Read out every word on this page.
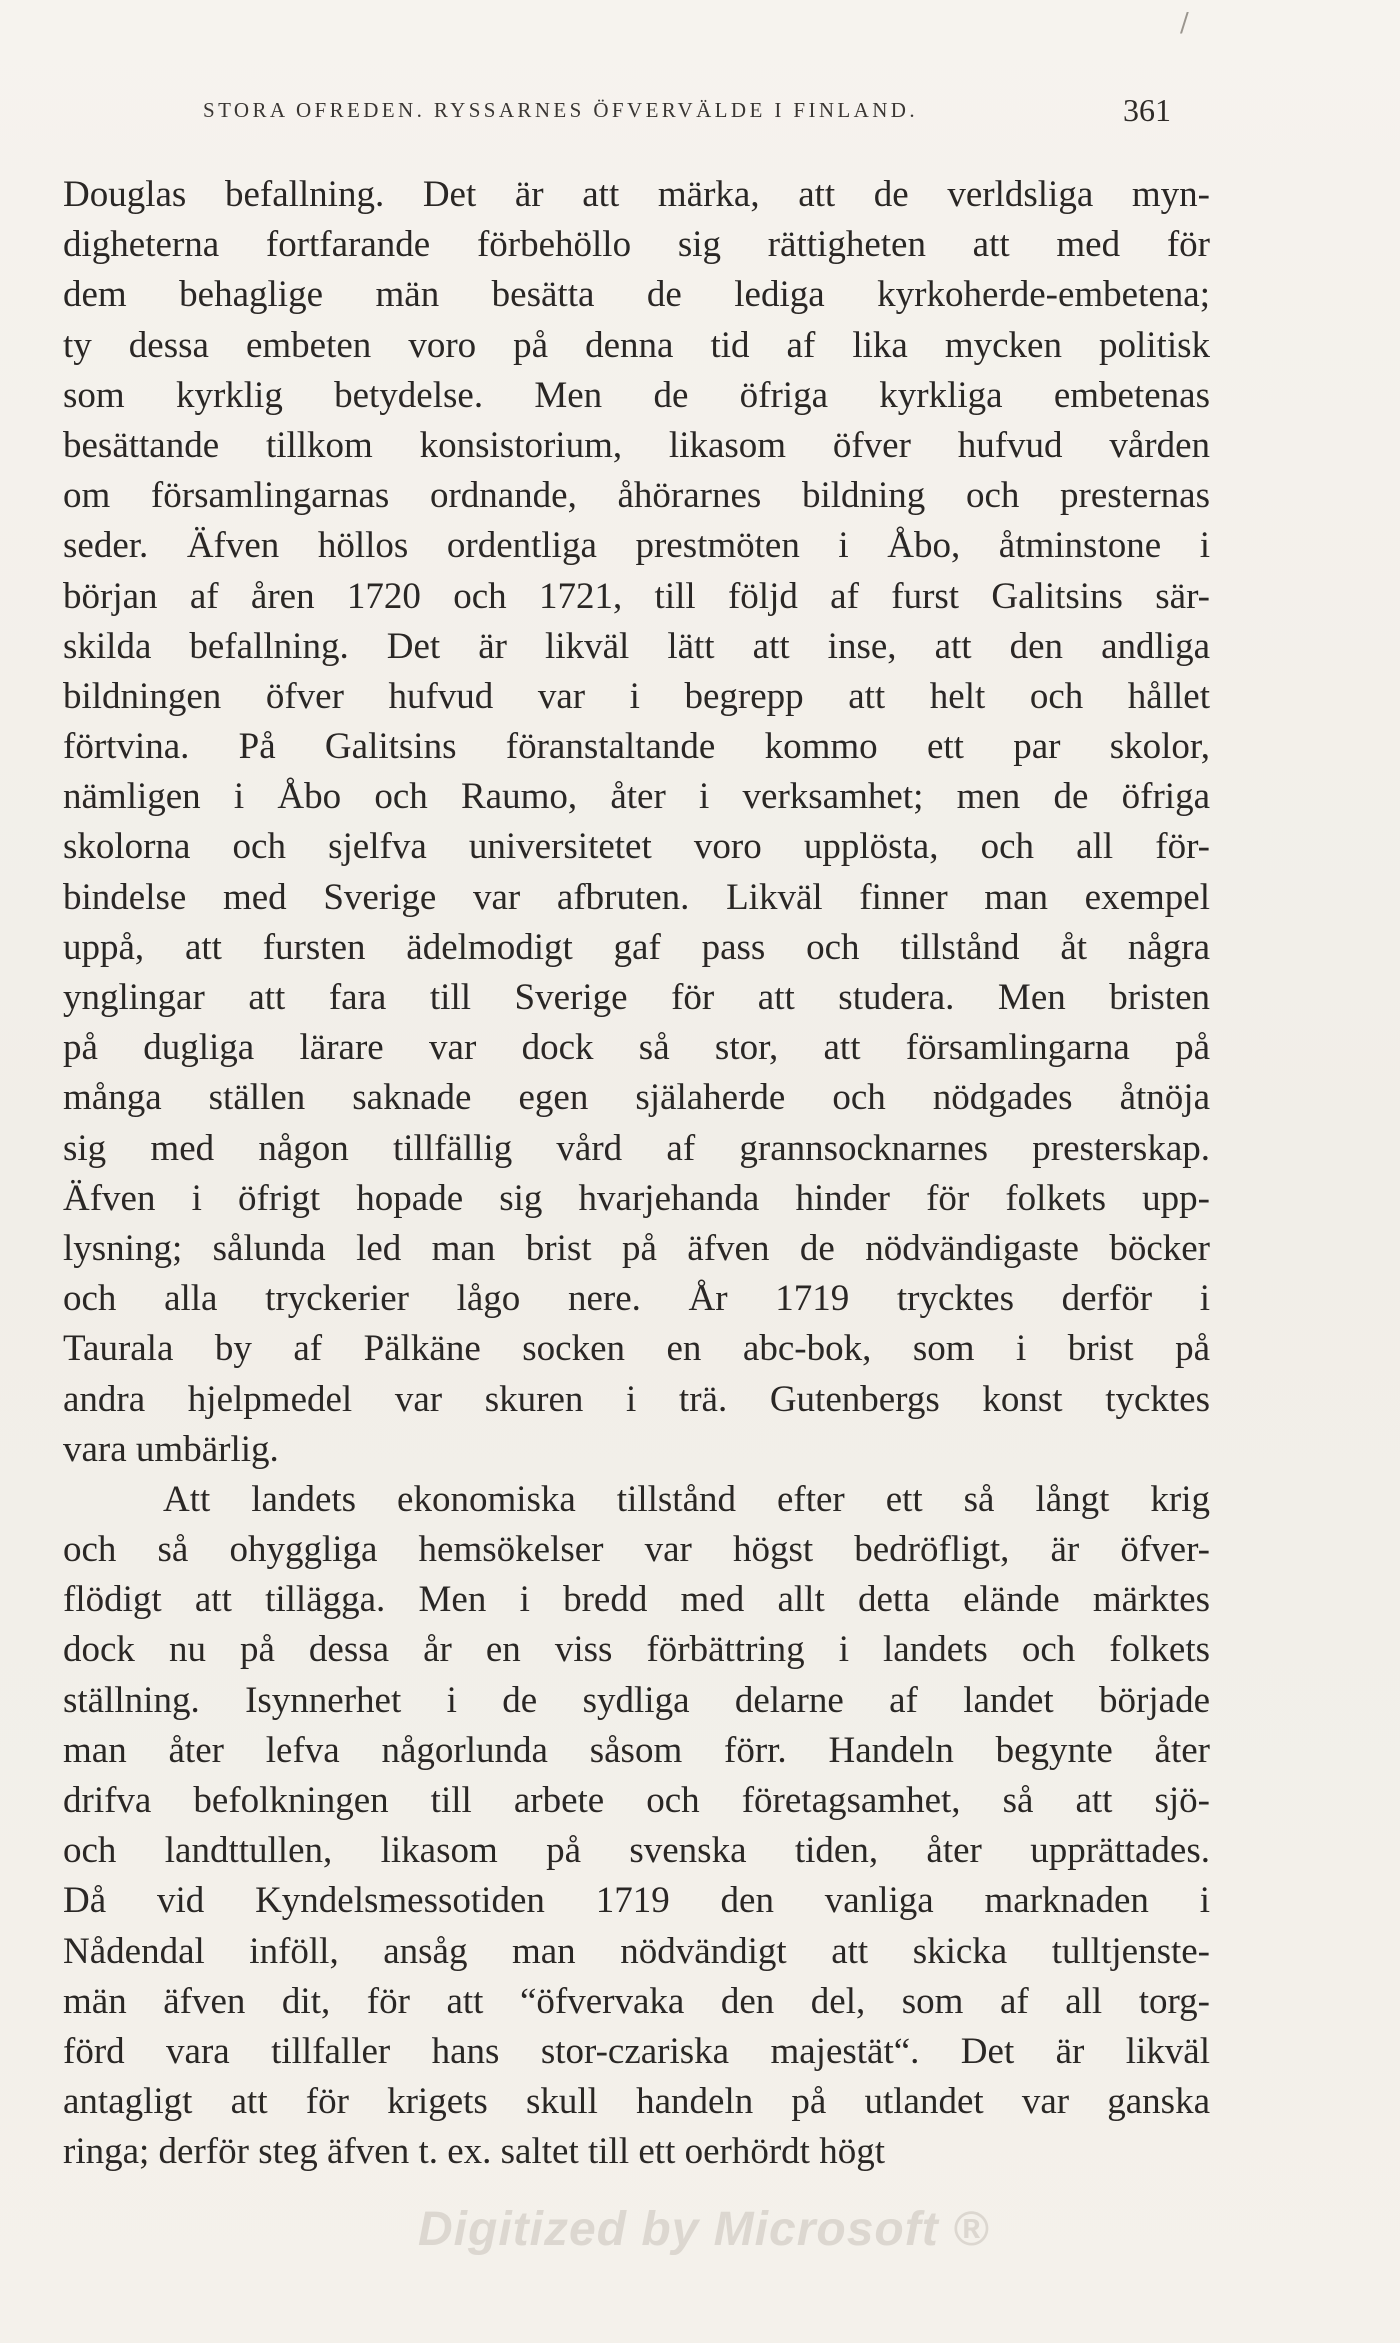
/
STORA OFREDEN. RYSSARNES ÖFVERVÄLDE I FINLAND.	361
Douglas befallning. Det är att märka, att de verldsliga myn-
digheterna fortfarande förbehöllo sig rättigheten att med för
dem behaglige män besätta de lediga kyrkoherde-embetena;
ty dessa embeten voro på denna tid af lika mycken politisk
som kyrklig betydelse. Men de öfriga kyrkliga embetenas
besättande tillkom konsistorium, likasom öfver hufvud vården
om församlingarnas ordnande, åhörarnes bildning och presternas
seder. Äfven höllos ordentliga prestmöten i Åbo, åtminstone i
början af åren 1720 och 1721, till följd af furst Galitsins sär-
skilda befallning. Det är likväl lätt att inse, att den andliga
bildningen öfver hufvud var i begrepp att helt och hållet
förtvina. På Galitsins föranstaltande kommo ett par skolor,
nämligen i Åbo och Raumo, åter i verksamhet; men de öfriga
skolorna och sjelfva universitetet voro upplösta, och all för-
bindelse med Sverige var afbruten. Likväl finner man exempel
uppå, att fursten ädelmodigt gaf pass och tillstånd åt några
ynglingar att fara till Sverige för att studera. Men bristen
på dugliga lärare var dock så stor, att församlingarna på
många ställen saknade egen själaherde och nödgades åtnöja
sig med någon tillfällig vård af grannsocknarnes presterskap.
Äfven i öfrigt hopade sig hvarjehanda hinder för folkets upp-
lysning; sålunda led man brist på äfven de nödvändigaste böcker
och alla tryckerier lågo nere. År 1719 trycktes derför i
Taurala by af Pälkäne socken en abc-bok, som i brist på
andra hjelpmedel var skuren i trä. Gutenbergs konst tycktes
vara umbärlig.
Att landets ekonomiska tillstånd efter ett så långt krig
och så ohyggliga hemsökelser var högst bedröfligt, är öfver-
flödigt att tillägga. Men i bredd med allt detta elände märktes
dock nu på dessa år en viss förbättring i landets och folkets
ställning. Isynnerhet i de sydliga delarne af landet började
man åter lefva någorlunda såsom förr. Handeln begynte åter
drifva befolkningen till arbete och företagsamhet, så att sjö-
och landttullen, likasom på svenska tiden, åter upprättades.
Då vid Kyndelsmessotiden 1719 den vanliga marknaden i
Nådendal inföll, ansåg man nödvändigt att skicka tulltjenste-
män äfven dit, för att “öfvervaka den del, som af all torg-
förd vara tillfaller hans stor-czariska majestät“. Det är likväl
antagligt att för krigets skull handeln på utlandet var ganska
ringa; derför steg äfven t. ex. saltet till ett oerhördt högt
Digitized by Microsoft ®
